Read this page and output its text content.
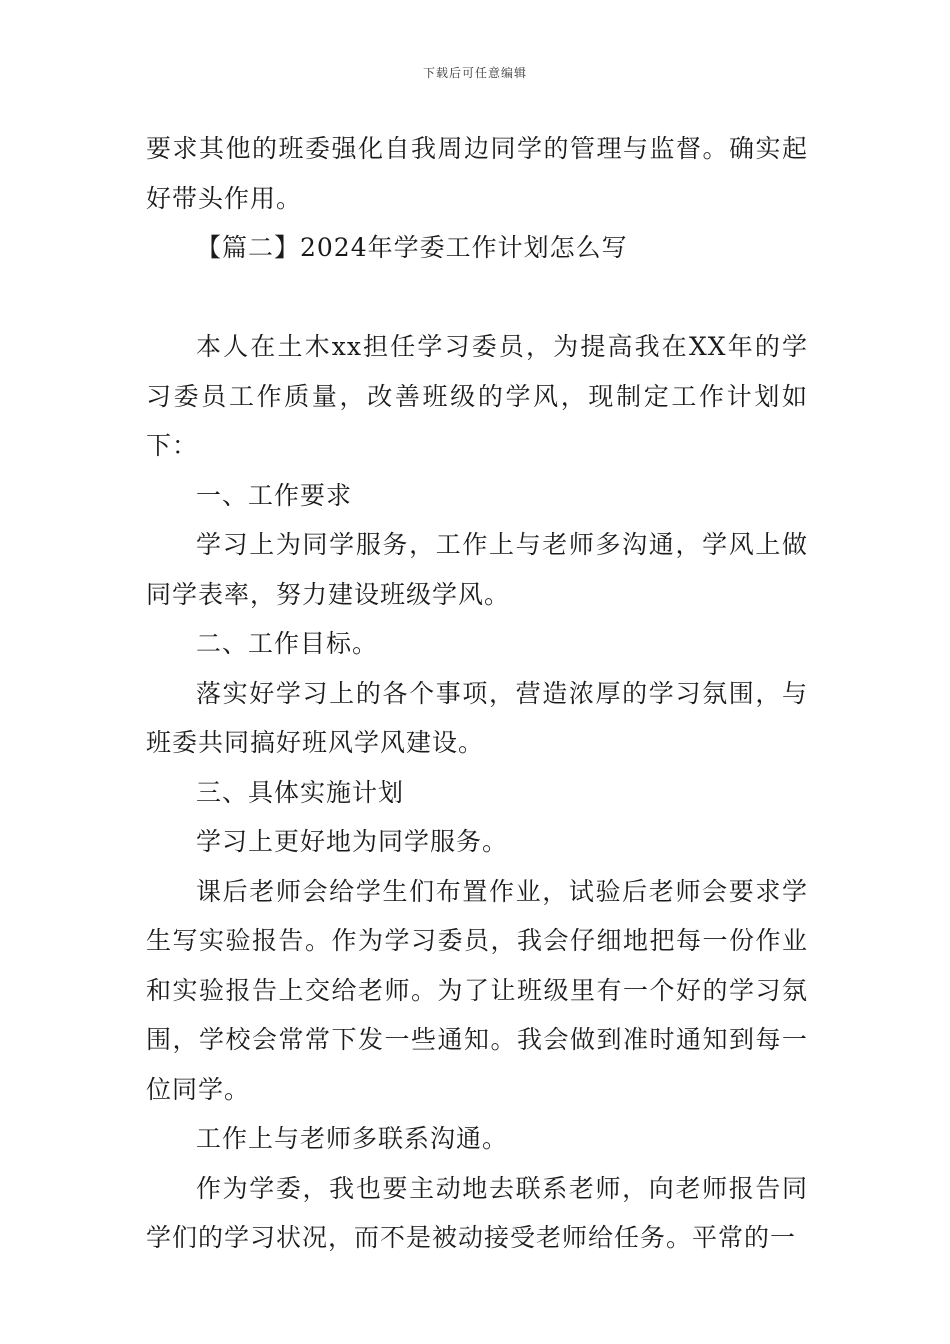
下载后可任意编辑

要求其他的班委强化自我周边同学的管理与监督。确实起好带头作用。

【篇二】2024年学委工作计划怎么写

本人在土木xx担任学习委员，为提高我在XX年的学习委员工作质量，改善班级的学风，现制定工作计划如下：

一、工作要求

学习上为同学服务，工作上与老师多沟通，学风上做同学表率，努力建设班级学风。

二、工作目标。

落实好学习上的各个事项，营造浓厚的学习氛围，与班委共同搞好班风学风建设。

三、具体实施计划

学习上更好地为同学服务。

课后老师会给学生们布置作业，试验后老师会要求学生写实验报告。作为学习委员，我会仔细地把每一份作业和实验报告上交给老师。为了让班级里有一个好的学习氛围，学校会常常下发一些通知。我会做到准时通知到每一位同学。

工作上与老师多联系沟通。

作为学委，我也要主动地去联系老师，向老师报告同学们的学习状况，而不是被动接受老师给任务。平常的一
